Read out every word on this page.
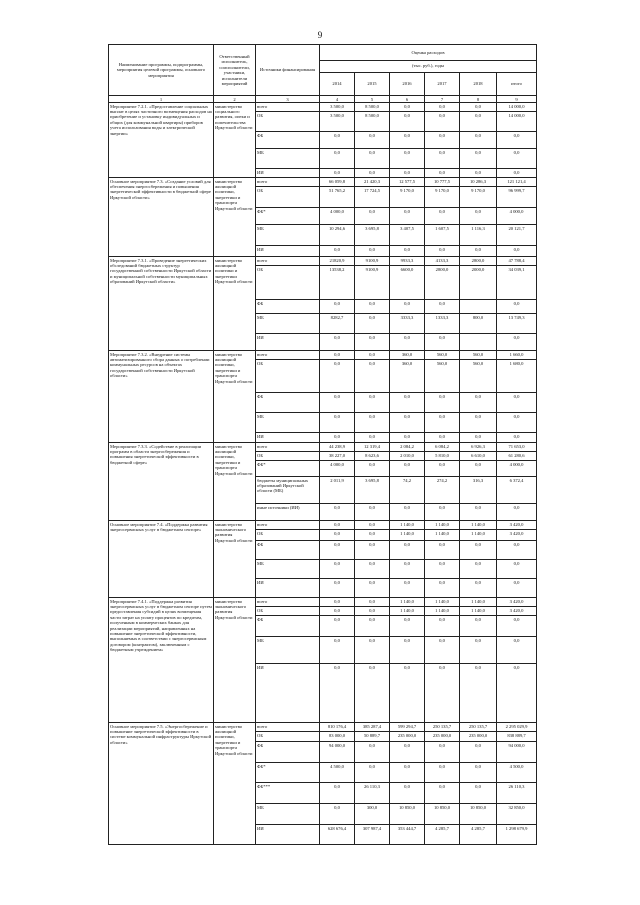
9
Наименование программы, подпрограммы, мероприятия целевой программы, основного мероприятия	Ответственный исполнитель, соисполнители, участники, исполнители мероприятий	Источники финансирования	Оценка расходов					
			(тыс. руб.), годы					
			2014	2015	2016	2017	2018	итого
1	2	3	4	5	6	7	8	9
Мероприятие 7.2.1. «Предоставление социальных выплат в целях частичного возмещения расходов на приобретение и установку индивидуальных и общих (для коммунальной квартиры) приборов учета использования воды и электрической энергии»	министерство социального развития, опеки и попечительства Иркутской области	всего	3 500,0	8 500,0	0,0	0,0	0,0	14 000,0
		ОБ	3 500,0	8 500,0	0,0	0,0	0,0	14 000,0
		ФБ	0,0	0,0	0,0	0,0	0,0	0,0
		МБ	0,0	0,0	0,0	0,0	0,0	0,0
		ИИ	0,0	0,0	0,0	0,0	0,0	0,0
Основное мероприятие 7.3. «Создание условий для обеспечения энергосбережения и повышения энергетической эффективности в бюджетной сфере Иркутской области»	министерство жилищной политики, энергетики и транспорта Иркутской области	всего	66 059,8	21 420,3	12 577,5	10 777,5	10 286,3	121 121,4
		ОБ	51 765,2	17 724,5	9 170,0	9 170,0	9 170,0	96 999,7
		ФБ*	4 000,0	0,0	0,0	0,0	0,0	4 000,0
		МБ	10 294,6	3 695,8	3 407,5	1 607,5	1 116,3	20 121,7
		ИИ	0,0	0,0	0,0	0,0	0,0	0,0
Мероприятие 7.3.1. «Проведение энергетических обследований бюджетных структур государственной собственности Иркутской области и муниципальной собственности муниципальных образований Иркутской области»	министерство жилищной политики и энергетики Иркутской области	всего	21820,9	9100,9	9933,3	4133,3	2800,0	47 788,4
		ОБ	13538,2	9100,9	6600,0	2800,0	2000,0	34 039,1
		ФБ	0,0	0,0	0,0	0,0		0,0
		МБ	8282,7	0,0	3333,3	1333,3	800,0	13 749,3
		ИИ	0,0	0,0	0,0	0,0		0,0
Мероприятие 7.3.2. «Внедрение системы автоматизированного сбора данных о потреблении коммунальных ресурсов на объектах государственной собственности Иркутской области»	министерство жилищной политики, энергетики и транспорта Иркутской области	всего	0,0	0,0	360,0	560,0	560,0	1 660,0
		ОБ	0,0	0,0	360,0	560,0	560,0	1 680,0
		ФБ	0,0	0,0	0,0	0,0	0,0	0,0
		МБ	0,0	0,0	0,0	0,0	0,0	0,0
		ИИ	0,0	0,0	0,0	0,0	0,0	0,0
Мероприятие 7.3.3. «Содействие в реализации программ в области энергосбережения и повышения энергетической эффективности в бюджетной сфере»	министерство жилищной политики, энергетики и транспорта Иркутской области	всего	44 238,9	12 319,4	2 084,2	6 084,2	6 926,3	71 653,0
		ОБ	38 227,0	8 623,6	2 010,0	5 810,0	6 610,0	61 280,6
		ФБ*	4 000,0	0,0	0,0	0,0	0,0	4 000,0
		бюджеты муниципальных образований Иркутской области (МБ)	2 011,9	3 695,8	74,2	274,2	316,3	6 372,4
		иные источники (ИИ)	0,0	0,0	0,0	0,0	0,0	0,0
Основное мероприятие 7.4. «Поддержка развития энергосервисных услуг в бюджетном секторе»	министерство экономического развития Иркутской области	всего	0,0	0,0	1 140,0	1 140,0	1 140,0	3 420,0
		ОБ	0,0	0,0	1 140,0	1 140,0	1 140,0	3 420,0
		ФБ	0,0	0,0	0,0	0,0	0,0	0,0
		МБ	0,0	0,0	0,0	0,0	0,0	0,0
		ИИ	0,0	0,0	0,0	0,0	0,0	0,0
Мероприятие 7.4.1. «Поддержка развития энергосервисных услуг в бюджетном секторе путем предоставления субсидий в целях возмещения части затрат на уплату процентов по кредитам, полученным в коммерческих банках для реализации мероприятий, направленных на повышение энергетической эффективности, выполняемых в соответствии с энергосервисным договором (контрактом), заключенным с бюджетным учреждением»	министерство экономического развития Иркутской области	всего	0,0	0,0	1 140,0	1 140,0	1 140,0	3 420,0
		ОБ	0,0	0,0	1 140,0	1 140,0	1 140,0	3 420,0
		ФБ	0,0	0,0	0,0	0,0	0,0	0,0
		МБ	0,0	0,0	0,0	0,0	0,0	0,0
		ИИ	0,0	0,0	0,0	0,0	0,0	0,0
Основное мероприятие 7.5. «Энергосбережение и повышение энергетической эффективности в системе коммунальной инфраструктуры Иркутской области»	министерство жилищной политики, энергетики и транспорта Иркутской области	всего	810 176,4	385 287,4	599 294,7	250 135,7	250 135,7	2 295 029,9
		ОБ	83 000,0	50 889,7	235 000,0	235 000,0	235 000,0	838 889,7
		ФБ	94 000,0	0,0	0,0	0,0	0,0	94 000,0
		ФБ*	4 500,0	0,0	0,0	0,0	0,0	4 500,0
		ФБ***	0,0	26 110,3	0,0	0,0	0,0	26 110,3
		МБ	0,0	300,0	10 850,0	10 850,0	10 850,0	32 850,0
		ИИ	628 676,4	307 987,4	353 444,7	4 285,7	4 285,7	1 298 679,9
